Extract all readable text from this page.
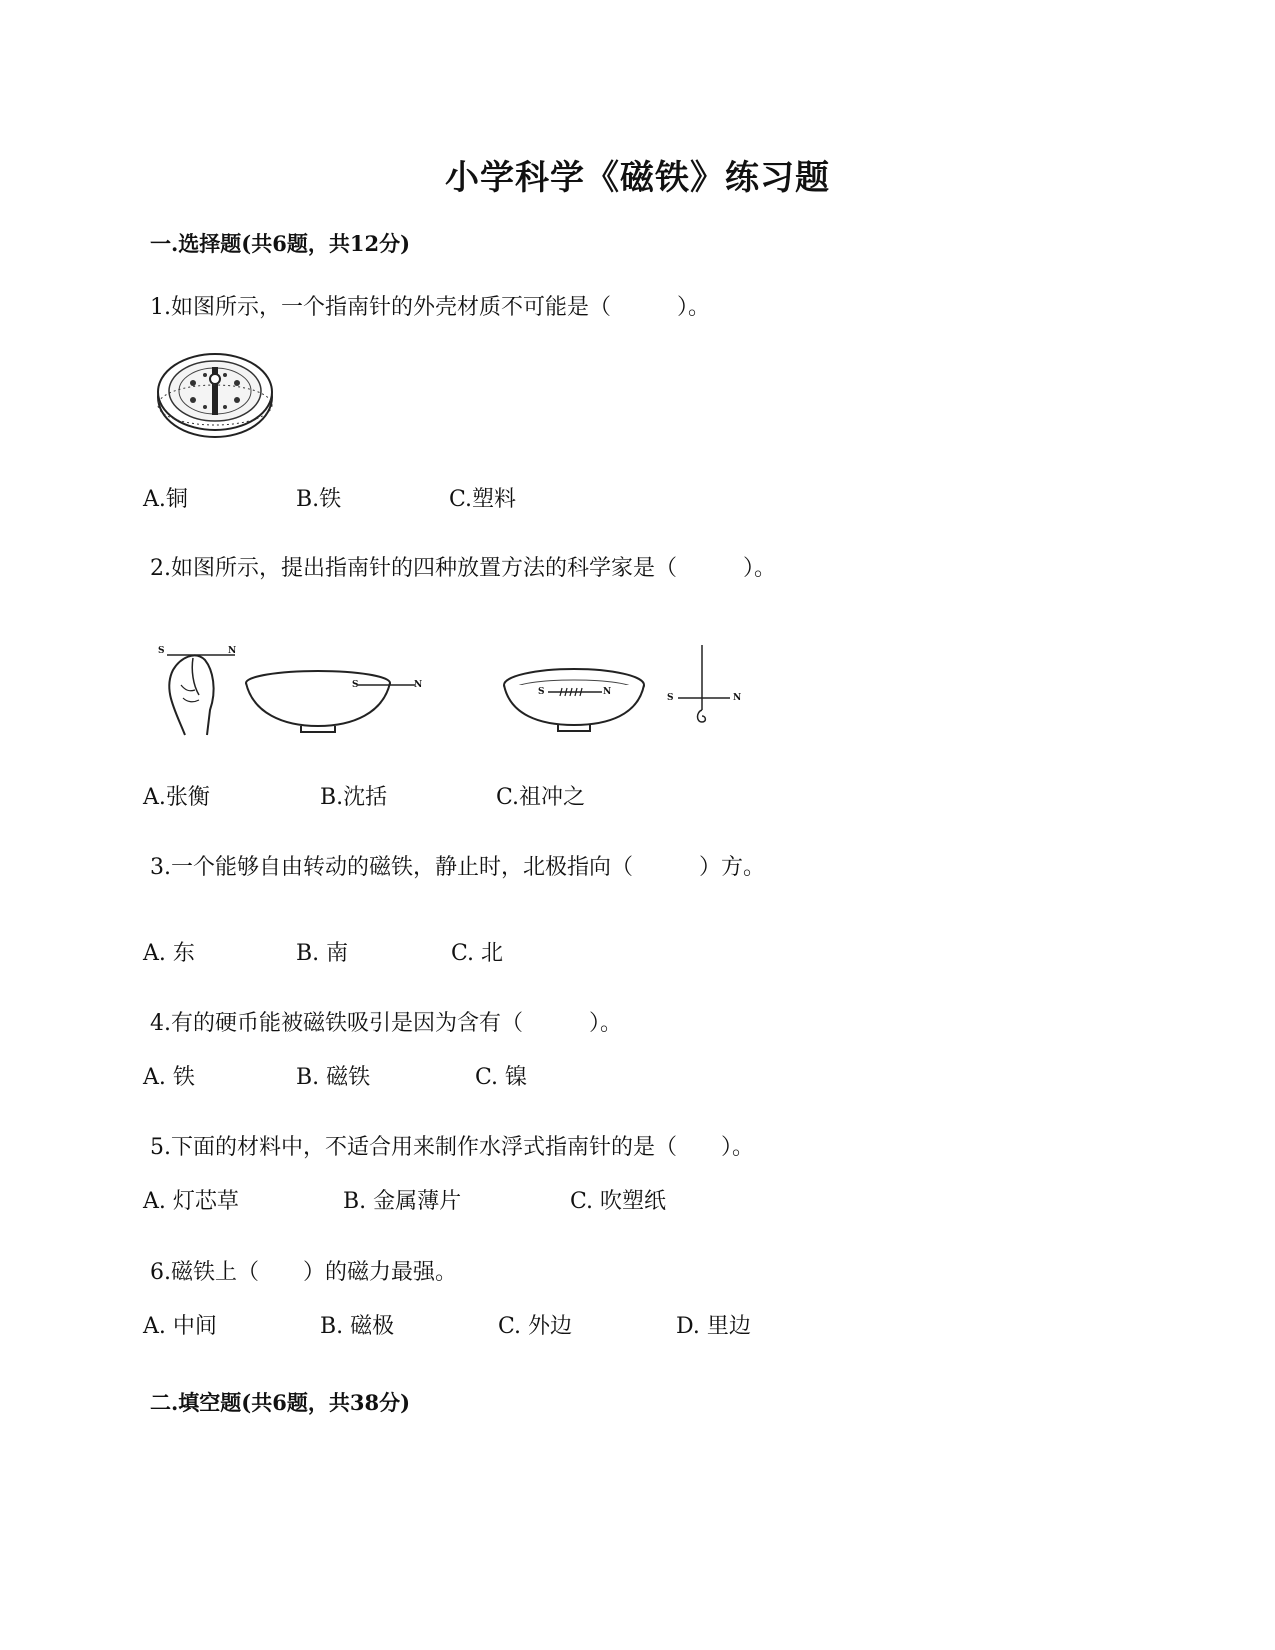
小学科学《磁铁》练习题
一.选择题(共6题，共12分)
1.如图所示，一个指南针的外壳材质不可能是（　　　）。
A.铜	B.铁	C.塑料
2.如图所示，提出指南针的四种放置方法的科学家是（　　　）。
S	N
S	N
S	N
S	N
A.张衡	B.沈括	C.祖冲之
3.一个能够自由转动的磁铁，静止时，北极指向（　　　）方。
A. 东	B. 南	C. 北
4.有的硬币能被磁铁吸引是因为含有（　　　）。
A. 铁	B. 磁铁	C. 镍
5.下面的材料中，不适合用来制作水浮式指南针的是（　　）。
A. 灯芯草	B. 金属薄片	C. 吹塑纸
6.磁铁上（　　）的磁力最强。
A. 中间	B. 磁极	C. 外边	D. 里边
二.填空题(共6题，共38分)
